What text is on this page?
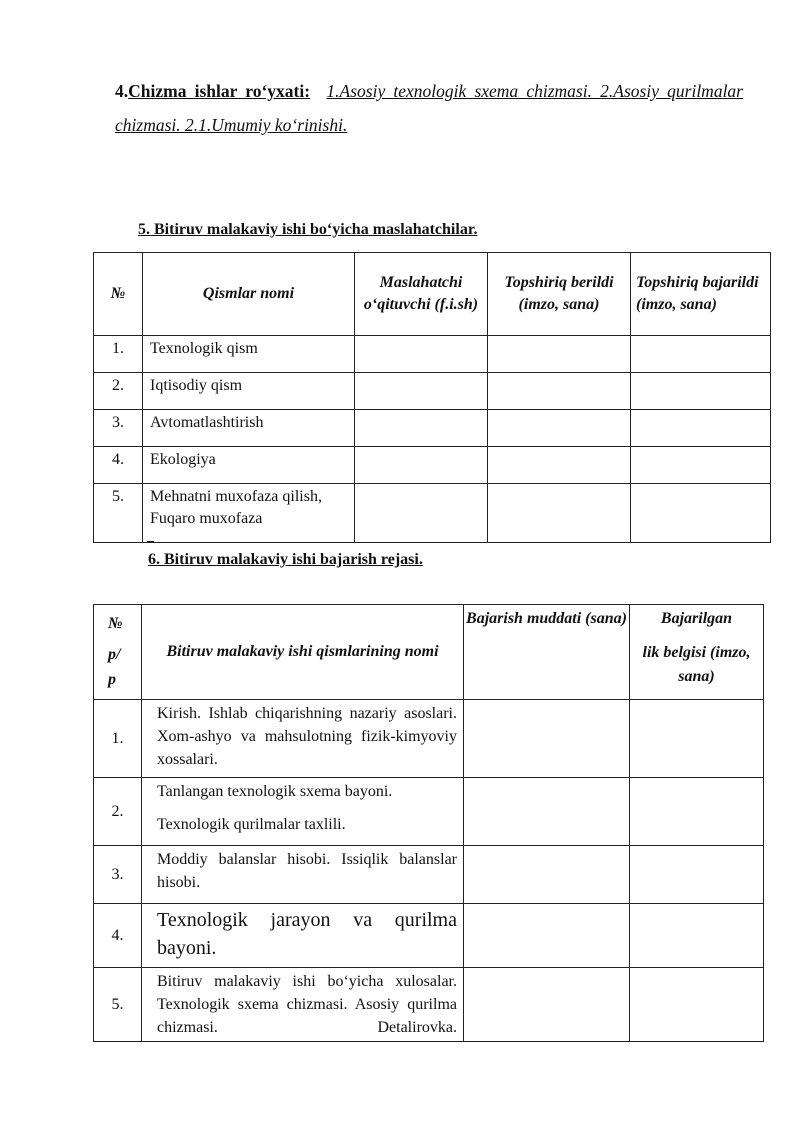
4.Chizma ishlar ro‘yxati: 1.Asosiy texnologik sxema chizmasi. 2.Asosiy qurilmalar chizmasi. 2.1.Umumiy ko‘rinishi.
5. Bitiruv malakaviy ishi bo‘yicha maslahatchilar.
№	Qismlar nomi	Maslahatchi o‘qituvchi (f.i.sh)	Topshiriq berildi (imzo, sana)	Topshiriq bajarildi (imzo, sana)
1.	Texnologik qism			
2.	Iqtisodiy qism			
3.	Avtomatlashtirish			
4.	Ekologiya			
5.	Mehnatni muxofaza qilish, Fuqaro muxofaza			
6. Bitiruv malakaviy ishi bajarish rejasi.
№
p/
p	Bitiruv malakaviy ishi qismlarining nomi	Bajarish muddati (sana)	Bajarilgan
lik belgisi (imzo, sana)

1.	Kirish. Ishlab chiqarishning nazariy asoslari. Xom-ashyo va mahsulotning fizik-kimyoviy xossalari.		
2.	Tanlangan texnologik sxema bayoni.
Texnologik qurilmalar taxlili.		

3.	Moddiy balanslar hisobi. Issiqlik balanslar hisobi.		
4.	Texnologik jarayon va qurilma bayoni.		
5.	Bitiruv malakaviy ishi bo‘yicha xulosalar. Texnologik sxema chizmasi. Asosiy qurilma chizmasi. Detalirovka.		
